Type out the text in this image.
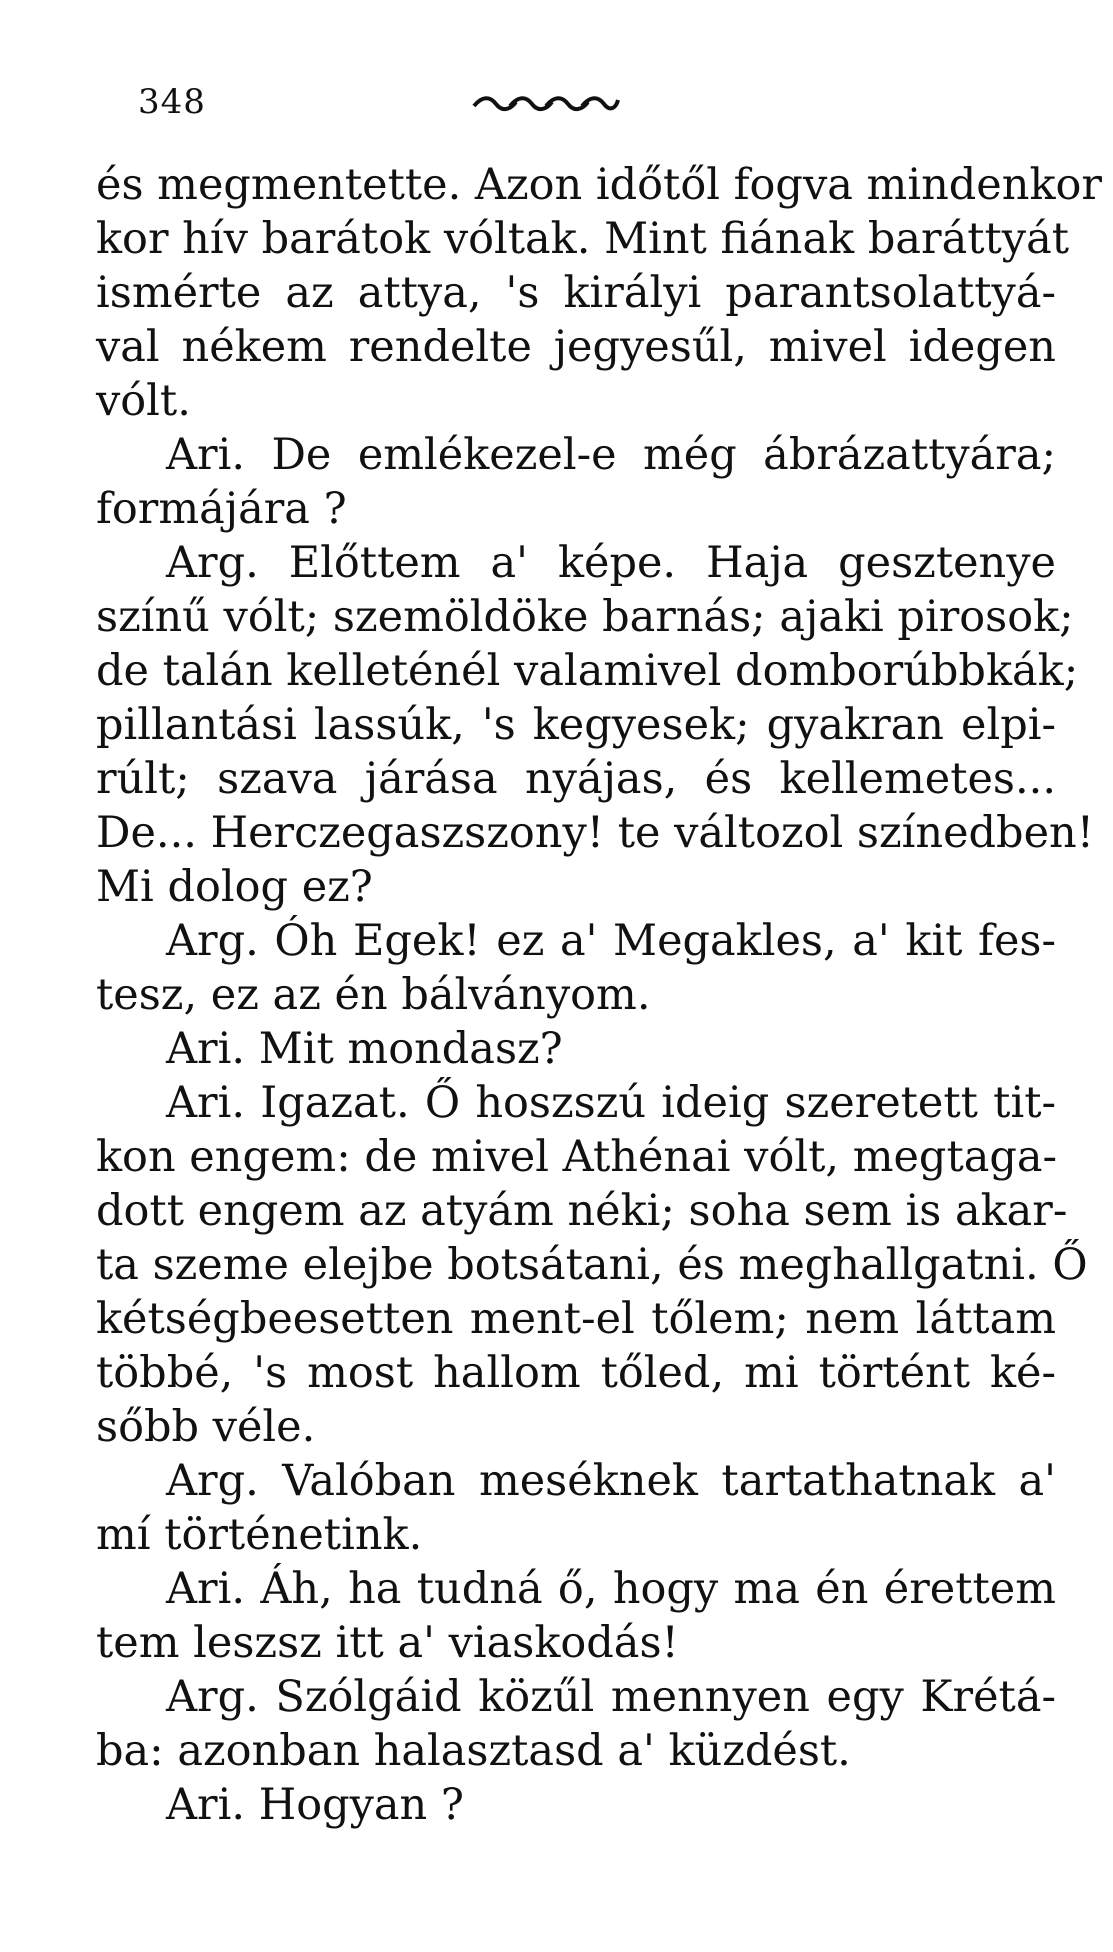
348
és megmentette. Azon időtől fogva mindenkor
kor hív barátok vóltak. Mint fiának baráttyát
ismérte az attya, 's királyi parantsolattyá-
val nékem rendelte jegyesűl, mivel idegen
vólt.
Ari. De emlékezel-e még ábrázattyára;
formájára ?
Arg. Előttem a' képe. Haja gesztenye
színű vólt; szemöldöke barnás; ajaki pirosok;
de talán kelleténél valamivel domborúbbkák;
pillantási lassúk, 's kegyesek; gyakran elpi-
rúlt; szava járása nyájas, és kellemetes...
De... Herczegaszszony! te változol színedben!
Mi dolog ez?
Arg. Óh Egek! ez a' Megakles, a' kit fes-
tesz, ez az én bálványom.
Ari. Mit mondasz?
Ari. Igazat. Ő hoszszú ideig szeretett tit-
kon engem: de mivel Athénai vólt, megtaga-
dott engem az atyám néki; soha sem is akar-
ta szeme elejbe botsátani, és meghallgatni. Ő
kétségbeesetten ment-el tőlem; nem láttam
többé, 's most hallom tőled, mi történt ké-
sőbb véle.
Arg. Valóban meséknek tartathatnak a'
mí történetink.
Ari. Áh, ha tudná ő, hogy ma én érettem
tem leszsz itt a' viaskodás!
Arg. Szólgáid közűl mennyen egy Krétá-
ba: azonban halasztasd a' küzdést.
Ari. Hogyan ?
